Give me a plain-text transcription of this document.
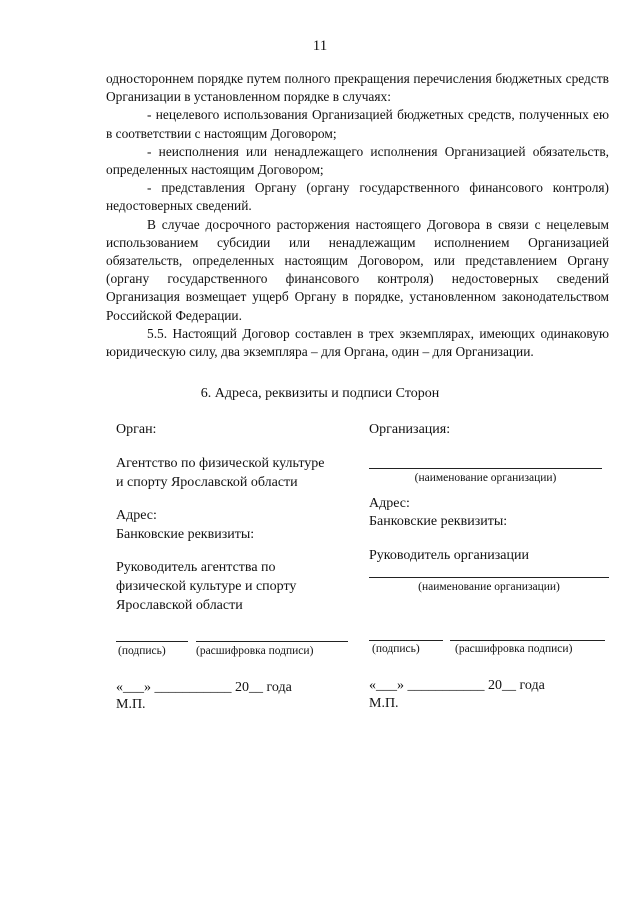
11

одностороннем порядке путем полного прекращения перечисления бюджетных средств Организации в установленном порядке в случаях:

- нецелевого использования Организацией бюджетных средств, полученных ею в соответствии с настоящим Договором;

- неисполнения или ненадлежащего исполнения Организацией обязательств, определенных настоящим Договором;

- представления Органу (органу государственного финансового контроля) недостоверных сведений.

В случае досрочного расторжения настоящего Договора в связи с нецелевым использованием субсидии или ненадлежащим исполнением Организацией обязательств, определенных настоящим Договором, или представлением Органу (органу государственного финансового контроля) недостоверных сведений Организация возмещает ущерб Органу в порядке, установленном законодательством Российской Федерации.

5.5. Настоящий Договор составлен в трех экземплярах, имеющих одинаковую юридическую силу, два экземпляра – для Органа, один – для Организации.

6. Адреса, реквизиты и подписи Сторон
Орган:
Агентство по физической культуре
и спорту Ярославской области
Адрес:
Банковские реквизиты:
Руководитель агентства по
физической культуре и спорту
Ярославской области
(подпись)	(расшифровка подписи)
«___» ___________ 20__ года
М.П.
Организация:
(наименование организации)
Адрес:
Банковские реквизиты:
Руководитель организации
(наименование организации)
(подпись)	(расшифровка подписи)
«___» ___________ 20__ года
М.П.
